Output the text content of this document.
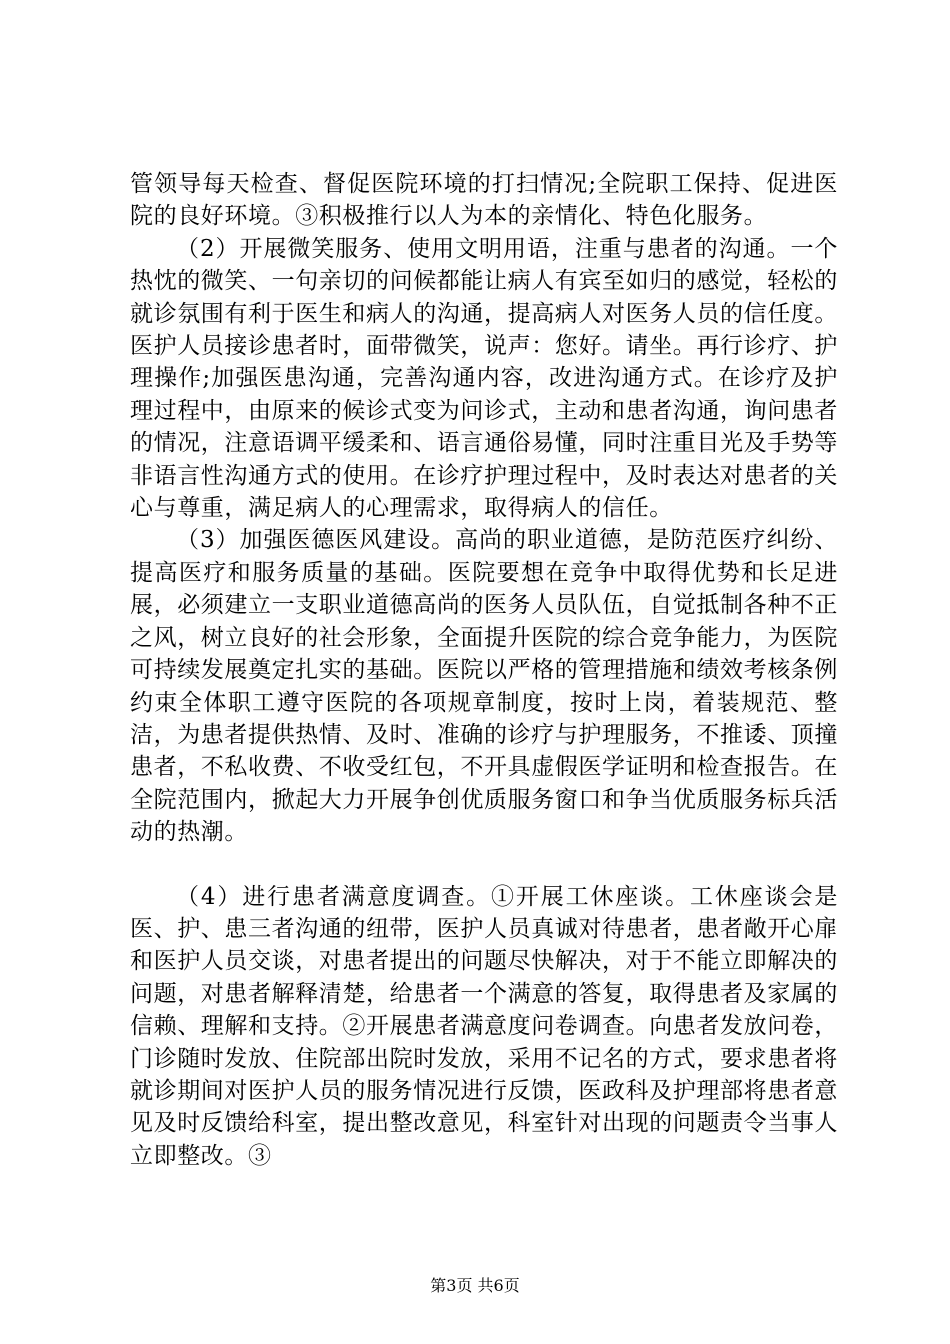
管领导每天检查、督促医院环境的打扫情况;全院职工保持、促进医院的良好环境。③积极推行以人为本的亲情化、特色化服务。

（2）开展微笑服务、使用文明用语，注重与患者的沟通。一个热忱的微笑、一句亲切的问候都能让病人有宾至如归的感觉，轻松的就诊氛围有利于医生和病人的沟通，提高病人对医务人员的信任度。医护人员接诊患者时，面带微笑，说声：您好。请坐。再行诊疗、护理操作;加强医患沟通，完善沟通内容，改进沟通方式。在诊疗及护理过程中，由原来的候诊式变为问诊式，主动和患者沟通，询问患者的情况，注意语调平缓柔和、语言通俗易懂，同时注重目光及手势等非语言性沟通方式的使用。在诊疗护理过程中，及时表达对患者的关心与尊重，满足病人的心理需求，取得病人的信任。

（3）加强医德医风建设。高尚的职业道德，是防范医疗纠纷、提高医疗和服务质量的基础。医院要想在竞争中取得优势和长足进展，必须建立一支职业道德高尚的医务人员队伍，自觉抵制各种不正之风，树立良好的社会形象，全面提升医院的综合竞争能力，为医院可持续发展奠定扎实的基础。医院以严格的管理措施和绩效考核条例约束全体职工遵守医院的各项规章制度，按时上岗，着装规范、整洁，为患者提供热情、及时、准确的诊疗与护理服务，不推诿、顶撞患者，不私收费、不收受红包，不开具虚假医学证明和检查报告。在全院范围内，掀起大力开展争创优质服务窗口和争当优质服务标兵活动的热潮。

（4）进行患者满意度调查。①开展工休座谈。工休座谈会是医、护、患三者沟通的纽带，医护人员真诚对待患者，患者敞开心扉和医护人员交谈，对患者提出的问题尽快解决，对于不能立即解决的问题，对患者解释清楚，给患者一个满意的答复，取得患者及家属的信赖、理解和支持。②开展患者满意度问卷调查。向患者发放问卷，门诊随时发放、住院部出院时发放，采用不记名的方式，要求患者将就诊期间对医护人员的服务情况进行反馈，医政科及护理部将患者意见及时反馈给科室，提出整改意见，科室针对出现的问题责令当事人立即整改。③

第3页 共6页
